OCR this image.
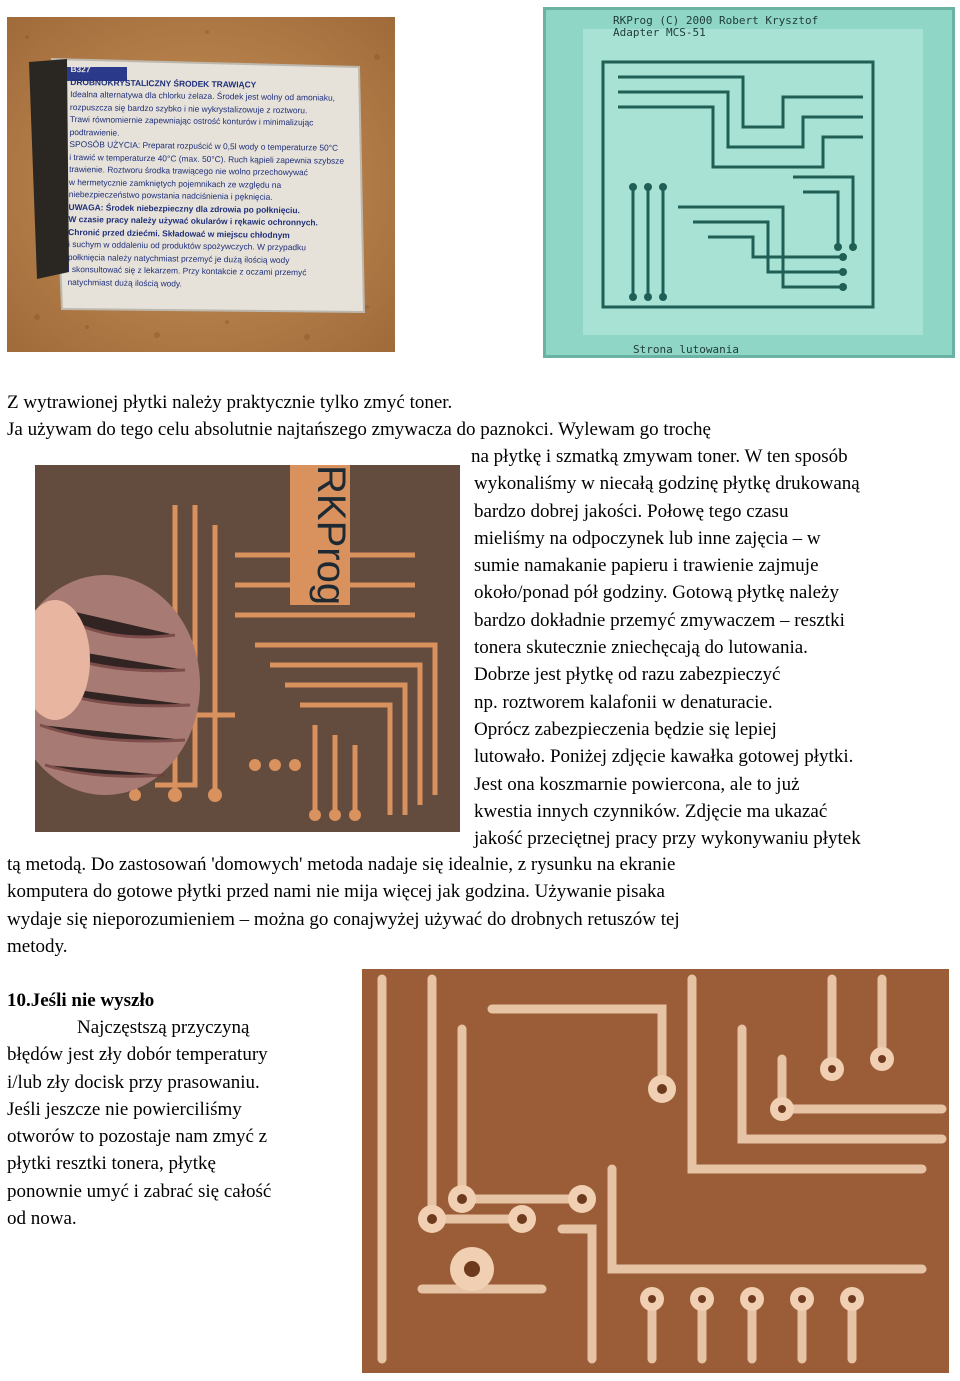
B327
DROBNOKRYSTALICZNY ŚRODEK TRAWIĄCY
Idealna alternatywa dla chlorku żelaza. Środek jest wolny od amoniaku,
rozpuszcza się bardzo szybko i nie wykrystalizowuje z roztworu.
Trawi równomiernie zapewniając ostrość konturów i minimalizując
podtrawienie.
SPOSÓB UŻYCIA: Preparat rozpuścić w 0,5l wody o temperaturze 50°C
i trawić w temperaturze 40°C (max. 50°C). Ruch kąpieli zapewnia szybsze
trawienie. Roztworu środka trawiącego nie wolno przechowywać
w hermetycznie zamkniętych pojemnikach ze względu na
niebezpieczeństwo powstania nadciśnienia i pęknięcia.
UWAGA: Środek niebezpieczny dla zdrowia po połknięciu.
W czasie pracy należy używać okularów i rękawic ochronnych.
Chronić przed dziećmi. Składować w miejscu chłodnym
i suchym w oddaleniu od produktów spożywczych. W przypadku
połknięcia należy natychmiast przemyć je dużą ilością wody
i skonsultować się z lekarzem. Przy kontakcie z oczami przemyć
natychmiast dużą ilością wody.
RKProg (C) 2000 Robert Krysztof
Adapter MCS-51
Strona lutowania
Z wytrawionej płytki należy praktycznie tylko zmyć toner.
Ja używam do tego celu absolutnie najtańszego zmywacza do paznokci. Wylewam go trochę
RKProg
na płytkę i szmatką zmywam toner. W ten sposób
wykonaliśmy w niecałą godzinę płytkę drukowaną
bardzo dobrej jakości. Połowę tego czasu
mieliśmy na odpoczynek lub inne zajęcia – w
sumie namakanie papieru i trawienie zajmuje
około/ponad pół godziny. Gotową płytkę należy
bardzo dokładnie przemyć zmywaczem – resztki
tonera skutecznie zniechęcają do lutowania.
Dobrze jest płytkę od razu zabezpieczyć
np. roztworem kalafonii w denaturacie.
Oprócz zabezpieczenia będzie się lepiej
lutowało. Poniżej zdjęcie kawałka gotowej płytki.
Jest ona koszmarnie powiercona, ale to już
kwestia innych czynników. Zdjęcie ma ukazać
jakość przeciętnej pracy przy wykonywaniu płytek
tą metodą. Do zastosowań 'domowych' metoda nadaje się idealnie, z rysunku na ekranie
komputera do gotowe płytki przed nami nie mija więcej jak godzina. Używanie pisaka
wydaje się nieporozumieniem – można go conajwyżej używać do drobnych retuszów tej
metody.
10.Jeśli nie wyszło
Najczęstszą przyczyną
błędów jest zły dobór temperatury
i/lub zły docisk przy prasowaniu.
Jeśli jeszcze nie powierciliśmy
otworów to pozostaje nam zmyć z
płytki resztki tonera, płytkę
ponownie umyć i zabrać się całość
od nowa.
